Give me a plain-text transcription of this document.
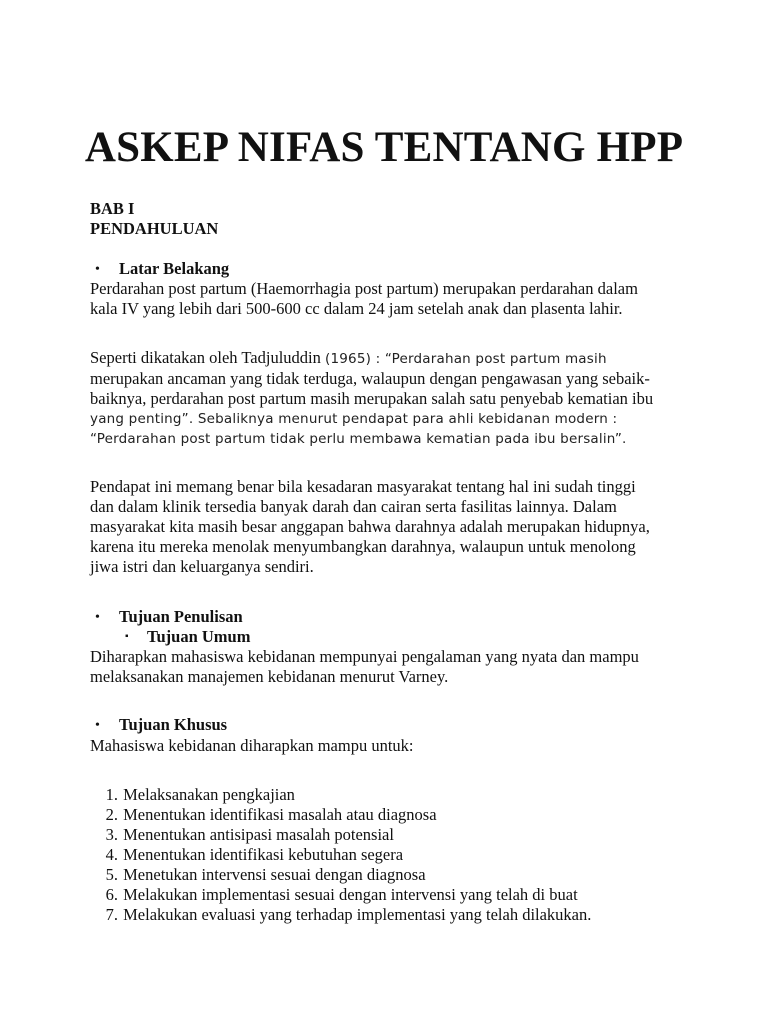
ASKEP NIFAS TENTANG HPP
BAB I
PENDAHULUAN
• Latar Belakang
Perdarahan post partum (Haemorrhagia post partum) merupakan perdarahan dalam
kala IV yang lebih dari 500-600 cc dalam 24 jam setelah anak dan plasenta lahir.
Seperti dikatakan oleh Tadjuluddin (1965) : “Perdarahan post partum masih
merupakan ancaman yang tidak terduga, walaupun dengan pengawasan yang sebaik-
baiknya, perdarahan post partum masih merupakan salah satu penyebab kematian ibu
yang penting”. Sebaliknya menurut pendapat para ahli kebidanan modern :
“Perdarahan post partum tidak perlu membawa kematian pada ibu bersalin”.
Pendapat ini memang benar bila kesadaran masyarakat tentang hal ini sudah tinggi
dan dalam klinik tersedia banyak darah dan cairan serta fasilitas lainnya. Dalam
masyarakat kita masih besar anggapan bahwa darahnya adalah merupakan hidupnya,
karena itu mereka menolak menyumbangkan darahnya, walaupun untuk menolong
jiwa istri dan keluarganya sendiri.
• Tujuan Penulisan
▪ Tujuan Umum
Diharapkan mahasiswa kebidanan mempunyai pengalaman yang nyata dan mampu
melaksanakan manajemen kebidanan menurut Varney.
• Tujuan Khusus
Mahasiswa kebidanan diharapkan mampu untuk:
1. Melaksanakan pengkajian
2. Menentukan identifikasi masalah atau diagnosa
3. Menentukan antisipasi masalah potensial
4. Menentukan identifikasi kebutuhan segera
5. Menetukan intervensi sesuai dengan diagnosa
6. Melakukan implementasi sesuai dengan intervensi yang telah di buat
7. Melakukan evaluasi yang terhadap implementasi yang telah dilakukan.
